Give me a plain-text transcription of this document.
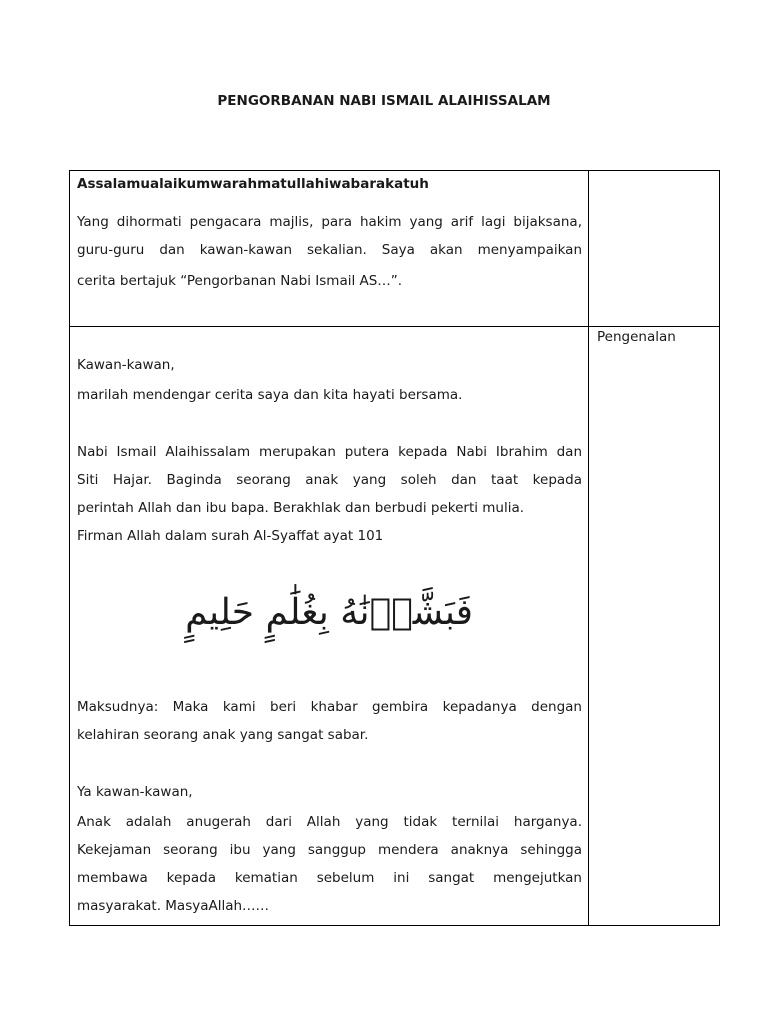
PENGORBANAN NABI ISMAIL ALAIHISSALAM

Assalamualaikumwarahmatullahiwabarakatuh

Yang dihormati pengacara majlis, para hakim yang arif lagi bijaksana,

guru-guru dan kawan-kawan sekalian. Saya akan menyampaikan

cerita bertajuk “Pengorbanan Nabi Ismail AS…”.

Pengenalan

Kawan-kawan,

marilah mendengar cerita saya dan kita hayati bersama.

Nabi Ismail Alaihissalam merupakan putera kepada Nabi Ibrahim dan

Siti Hajar. Baginda seorang anak yang soleh dan taat kepada

perintah Allah dan ibu bapa. Berakhlak dan berbudi pekerti mulia.

Firman Allah dalam surah Al-Syaffat ayat 101

فَبَشَّرۡنَٰهُ بِغُلَٰمٍ حَلِيمٍ

Maksudnya: Maka kami beri khabar gembira kepadanya dengan

kelahiran seorang anak yang sangat sabar.

Ya kawan-kawan,

Anak adalah anugerah dari Allah yang tidak ternilai harganya.

Kekejaman seorang ibu yang sanggup mendera anaknya sehingga

membawa kepada kematian sebelum ini sangat mengejutkan

masyarakat. MasyaAllah……
